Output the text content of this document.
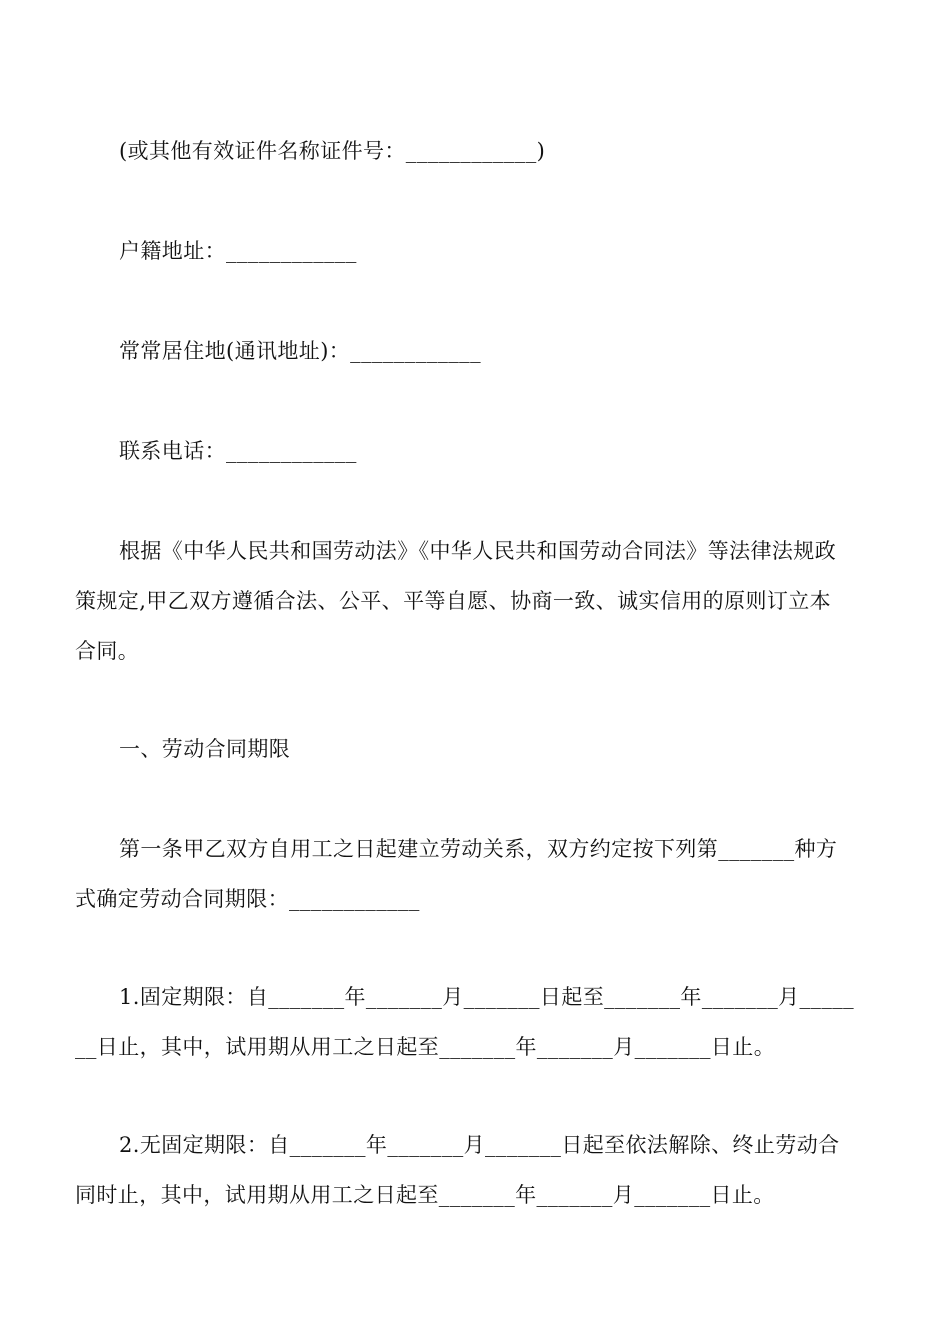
(或其他有效证件名称证件号：____________)
户籍地址：____________
常常居住地(通讯地址)：____________
联系电话：____________
根据《中华人民共和国劳动法》《中华人民共和国劳动合同法》等法律法规政
策规定,甲乙双方遵循合法、公平、平等自愿、协商一致、诚实信用的原则订立本
合同。
一、劳动合同期限
第一条甲乙双方自用工之日起建立劳动关系，双方约定按下列第_______种方
式确定劳动合同期限：____________
1.固定期限：自_______年_______月_______日起至_______年_______月_____
__日止，其中，试用期从用工之日起至_______年_______月_______日止。
2.无固定期限：自_______年_______月_______日起至依法解除、终止劳动合
同时止，其中，试用期从用工之日起至_______年_______月_______日止。
